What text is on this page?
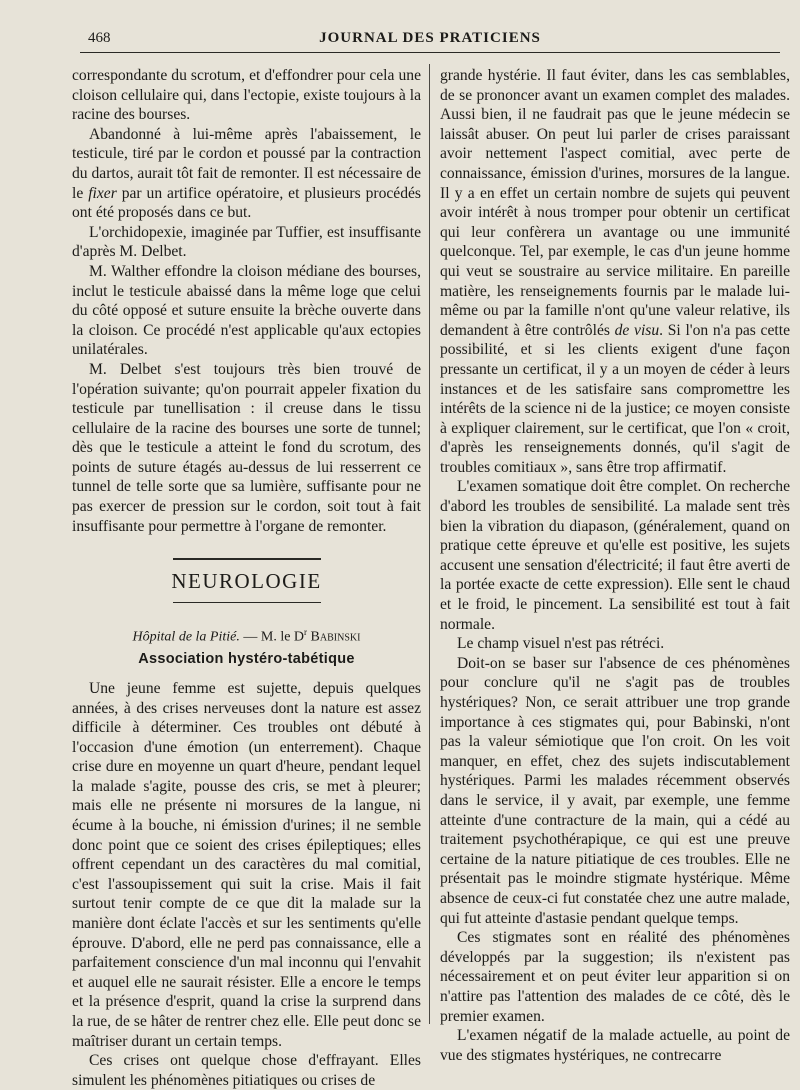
468	JOURNAL DES PRATICIENS

correspondante du scrotum, et d'effondrer pour cela une cloison cellulaire qui, dans l'ectopie, existe toujours à la racine des bourses.

Abandonné à lui-même après l'abaissement, le testicule, tiré par le cordon et poussé par la contraction du dartos, aurait tôt fait de remonter. Il est nécessaire de le fixer par un artifice opératoire, et plusieurs procédés ont été proposés dans ce but.

L'orchidopexie, imaginée par Tuffier, est insuffisante d'après M. Delbet.

M. Walther effondre la cloison médiane des bourses, inclut le testicule abaissé dans la même loge que celui du côté opposé et suture ensuite la brèche ouverte dans la cloison. Ce procédé n'est applicable qu'aux ectopies unilatérales.

M. Delbet s'est toujours très bien trouvé de l'opération suivante; qu'on pourrait appeler fixation du testicule par tunellisation : il creuse dans le tissu cellulaire de la racine des bourses une sorte de tunnel; dès que le testicule a atteint le fond du scrotum, des points de suture étagés au-dessus de lui resserrent ce tunnel de telle sorte que sa lumière, suffisante pour ne pas exercer de pression sur le cordon, soit tout à fait insuffisante pour permettre à l'organe de remonter.

NEUROLOGIE
Hôpital de la Pitié. — M. le $D^r$ Babinski
Association hystéro-tabétique

Une jeune femme est sujette, depuis quelques années, à des crises nerveuses dont la nature est assez difficile à déterminer. Ces troubles ont débuté à l'occasion d'une émotion (un enterrement). Chaque crise dure en moyenne un quart d'heure, pendant lequel la malade s'agite, pousse des cris, se met à pleurer; mais elle ne présente ni morsures de la langue, ni écume à la bouche, ni émission d'urines; il ne semble donc point que ce soient des crises épileptiques; elles offrent cependant un des caractères du mal comitial, c'est l'assoupissement qui suit la crise. Mais il fait surtout tenir compte de ce que dit la malade sur la manière dont éclate l'accès et sur les sentiments qu'elle éprouve. D'abord, elle ne perd pas connaissance, elle a parfaitement conscience d'un mal inconnu qui l'envahit et auquel elle ne saurait résister. Elle a encore le temps et la présence d'esprit, quand la crise la surprend dans la rue, de se hâter de rentrer chez elle. Elle peut donc se maîtriser durant un certain temps.

Ces crises ont quelque chose d'effrayant. Elles simulent les phénomènes pitiatiques ou crises de

grande hystérie. Il faut éviter, dans les cas semblables, de se prononcer avant un examen complet des malades. Aussi bien, il ne faudrait pas que le jeune médecin se laissât abuser. On peut lui parler de crises paraissant avoir nettement l'aspect comitial, avec perte de connaissance, émission d'urines, morsures de la langue. Il y a en effet un certain nombre de sujets qui peuvent avoir intérêt à nous tromper pour obtenir un certificat qui leur confèrera un avantage ou une immunité quelconque. Tel, par exemple, le cas d'un jeune homme qui veut se soustraire au service militaire. En pareille matière, les renseignements fournis par le malade lui-même ou par la famille n'ont qu'une valeur relative, ils demandent à être contrôlés de visu. Si l'on n'a pas cette possibilité, et si les clients exigent d'une façon pressante un certificat, il y a un moyen de céder à leurs instances et de les satisfaire sans compromettre les intérêts de la science ni de la justice; ce moyen consiste à expliquer clairement, sur le certificat, que l'on « croit, d'après les renseignements donnés, qu'il s'agit de troubles comitiaux », sans être trop affirmatif.

L'examen somatique doit être complet. On recherche d'abord les troubles de sensibilité. La malade sent très bien la vibration du diapason, (généralement, quand on pratique cette épreuve et qu'elle est positive, les sujets accusent une sensation d'électricité; il faut être averti de la portée exacte de cette expression). Elle sent le chaud et le froid, le pincement. La sensibilité est tout à fait normale.

Le champ visuel n'est pas rétréci.

Doit-on se baser sur l'absence de ces phénomènes pour conclure qu'il ne s'agit pas de troubles hystériques? Non, ce serait attribuer une trop grande importance à ces stigmates qui, pour Babinski, n'ont pas la valeur sémiotique que l'on croit. On les voit manquer, en effet, chez des sujets indiscutablement hystériques. Parmi les malades récemment observés dans le service, il y avait, par exemple, une femme atteinte d'une contracture de la main, qui a cédé au traitement psychothérapique, ce qui est une preuve certaine de la nature pitiatique de ces troubles. Elle ne présentait pas le moindre stigmate hystérique. Même absence de ceux-ci fut constatée chez une autre malade, qui fut atteinte d'astasie pendant quelque temps.

Ces stigmates sont en réalité des phénomènes développés par la suggestion; ils n'existent pas nécessairement et on peut éviter leur apparition si on n'attire pas l'attention des malades de ce côté, dès le premier examen.

L'examen négatif de la malade actuelle, au point de vue des stigmates hystériques, ne contrecarre
